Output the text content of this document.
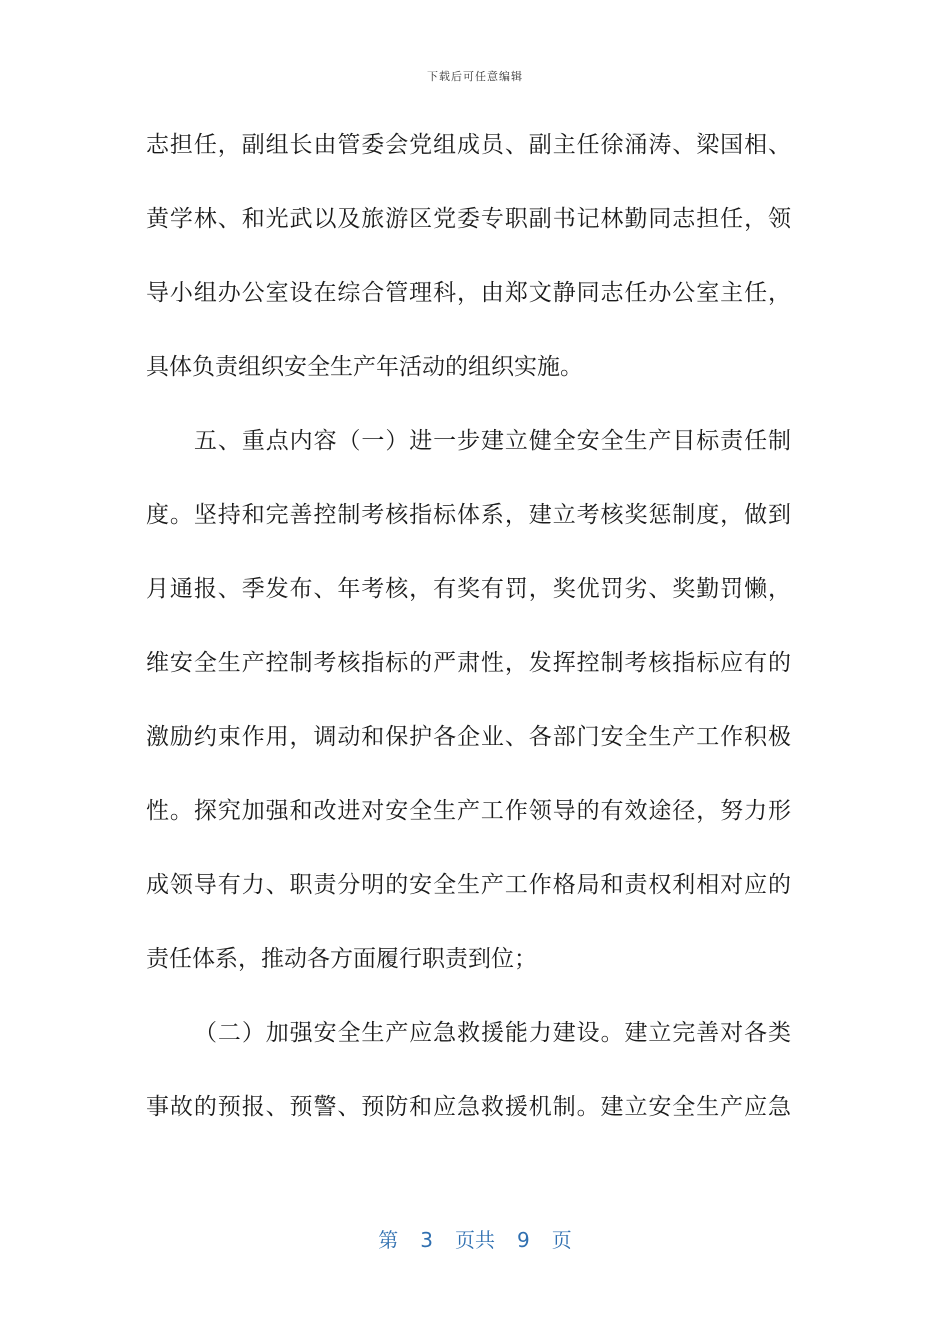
下载后可任意编辑
志担任，副组长由管委会党组成员、副主任徐涌涛、梁国相、
黄学林、和光武以及旅游区党委专职副书记林勤同志担任，领
导小组办公室设在综合管理科，由郑文静同志任办公室主任，
具体负责组织安全生产年活动的组织实施。
五、重点内容（一）进一步建立健全安全生产目标责任制
度。坚持和完善控制考核指标体系，建立考核奖惩制度，做到
月通报、季发布、年考核，有奖有罚，奖优罚劣、奖勤罚懒，
维安全生产控制考核指标的严肃性，发挥控制考核指标应有的
激励约束作用，调动和保护各企业、各部门安全生产工作积极
性。探究加强和改进对安全生产工作领导的有效途径，努力形
成领导有力、职责分明的安全生产工作格局和责权利相对应的
责任体系，推动各方面履行职责到位；
（二）加强安全生产应急救援能力建设。建立完善对各类
事故的预报、预警、预防和应急救援机制。建立安全生产应急
第 3 页共 9 页
